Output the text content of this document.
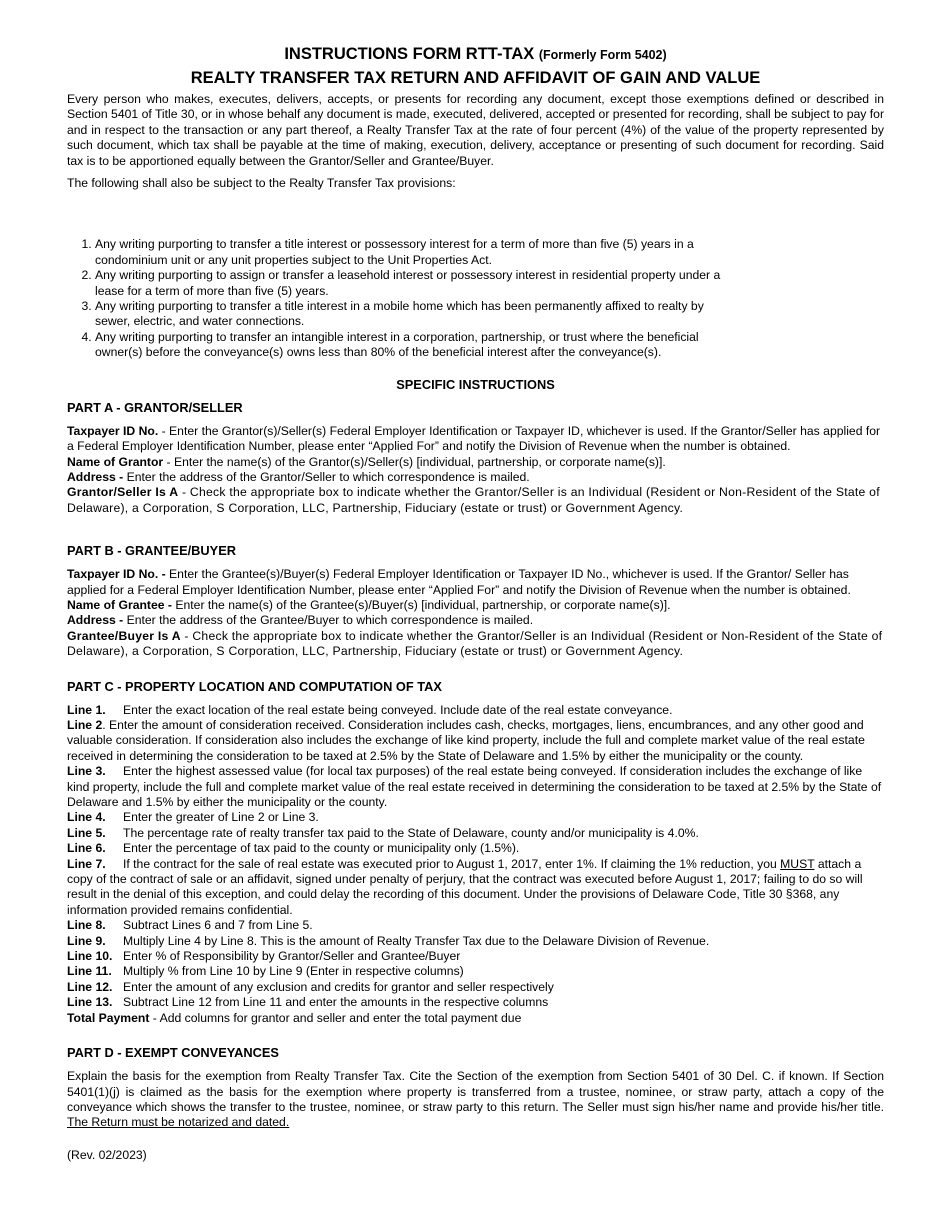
INSTRUCTIONS FORM RTT-TAX (Formerly Form 5402)
REALTY TRANSFER TAX RETURN AND AFFIDAVIT OF GAIN AND VALUE

Every person who makes, executes, delivers, accepts, or presents for recording any document, except those exemptions defined or described in Section 5401 of Title 30, or in whose behalf any document is made, executed, delivered, accepted or presented for recording, shall be subject to pay for and in respect to the transaction or any part thereof, a Realty Transfer Tax at the rate of four percent (4%) of the value of the property represented by such document, which tax shall be payable at the time of making, execution, delivery, acceptance or presenting of such document for recording. Said tax is to be apportioned equally between the Grantor/Seller and Grantee/Buyer.

The following shall also be subject to the Realty Transfer Tax provisions:

1. Any writing purporting to transfer a title interest or possessory interest for a term of more than five (5) years in a condominium unit or any unit properties subject to the Unit Properties Act.
2. Any writing purporting to assign or transfer a leasehold interest or possessory interest in residential property under a lease for a term of more than five (5) years.
3. Any writing purporting to transfer a title interest in a mobile home which has been permanently affixed to realty by sewer, electric, and water connections.
4. Any writing purporting to transfer an intangible interest in a corporation, partnership, or trust where the beneficial owner(s) before the conveyance(s) owns less than 80% of the beneficial interest after the conveyance(s).
SPECIFIC INSTRUCTIONS
PART A - GRANTOR/SELLER

Taxpayer ID No. - Enter the Grantor(s)/Seller(s) Federal Employer Identification or Taxpayer ID, whichever is used. If the Grantor/Seller has applied for a Federal Employer Identification Number, please enter “Applied For” and notify the Division of Revenue when the number is obtained.

Name of Grantor - Enter the name(s) of the Grantor(s)/Seller(s) [individual, partnership, or corporate name(s)].

Address - Enter the address of the Grantor/Seller to which correspondence is mailed.

Grantor/Seller Is A - Check the appropriate box to indicate whether the Grantor/Seller is an Individual (Resident or Non-Resident of the State of Delaware), a Corporation, S Corporation, LLC, Partnership, Fiduciary (estate or trust) or Government Agency.

PART B - GRANTEE/BUYER

Taxpayer ID No. - Enter the Grantee(s)/Buyer(s) Federal Employer Identification or Taxpayer ID No., whichever is used. If the Grantor/ Seller has applied for a Federal Employer Identification Number, please enter “Applied For” and notify the Division of Revenue when the number is obtained.

Name of Grantee - Enter the name(s) of the Grantee(s)/Buyer(s) [individual, partnership, or corporate name(s)].

Address - Enter the address of the Grantee/Buyer to which correspondence is mailed.

Grantee/Buyer Is A - Check the appropriate box to indicate whether the Grantor/Seller is an Individual (Resident or Non-Resident of the State of Delaware), a Corporation, S Corporation, LLC, Partnership, Fiduciary (estate or trust) or Government Agency.

PART C - PROPERTY LOCATION AND COMPUTATION OF TAX

Line 1. Enter the exact location of the real estate being conveyed. Include date of the real estate conveyance.

Line 2. Enter the amount of consideration received. Consideration includes cash, checks, mortgages, liens, encumbrances, and any other good and valuable consideration. If consideration also includes the exchange of like kind property, include the full and complete market value of the real estate received in determining the consideration to be taxed at 2.5% by the State of Delaware and 1.5% by either the municipality or the county.

Line 3. Enter the highest assessed value (for local tax purposes) of the real estate being conveyed. If consideration includes the exchange of like kind property, include the full and complete market value of the real estate received in determining the consideration to be taxed at 2.5% by the State of Delaware and 1.5% by either the municipality or the county.

Line 4. Enter the greater of Line 2 or Line 3.

Line 5. The percentage rate of realty transfer tax paid to the State of Delaware, county and/or municipality is 4.0%.

Line 6. Enter the percentage of tax paid to the county or municipality only (1.5%).

Line 7. If the contract for the sale of real estate was executed prior to August 1, 2017, enter 1%. If claiming the 1% reduction, you MUST attach a copy of the contract of sale or an affidavit, signed under penalty of perjury, that the contract was executed before August 1, 2017; failing to do so will result in the denial of this exception, and could delay the recording of this document. Under the provisions of Delaware Code, Title 30 §368, any information provided remains confidential.

Line 8. Subtract Lines 6 and 7 from Line 5.

Line 9. Multiply Line 4 by Line 8. This is the amount of Realty Transfer Tax due to the Delaware Division of Revenue.

Line 10. Enter % of Responsibility by Grantor/Seller and Grantee/Buyer

Line 11. Multiply % from Line 10 by Line 9 (Enter in respective columns)

Line 12. Enter the amount of any exclusion and credits for grantor and seller respectively

Line 13. Subtract Line 12 from Line 11 and enter the amounts in the respective columns

Total Payment - Add columns for grantor and seller and enter the total payment due

PART D - EXEMPT CONVEYANCES
Explain the basis for the exemption from Realty Transfer Tax. Cite the Section of the exemption from Section 5401 of 30 Del. C. if known. If Section 5401(1)(j) is claimed as the basis for the exemption where property is transferred from a trustee, nominee, or straw party, attach a copy of the conveyance which shows the transfer to the trustee, nominee, or straw party to this return. The Seller must sign his/her name and provide his/her title. The Return must be notarized and dated.

(Rev. 02/2023)
